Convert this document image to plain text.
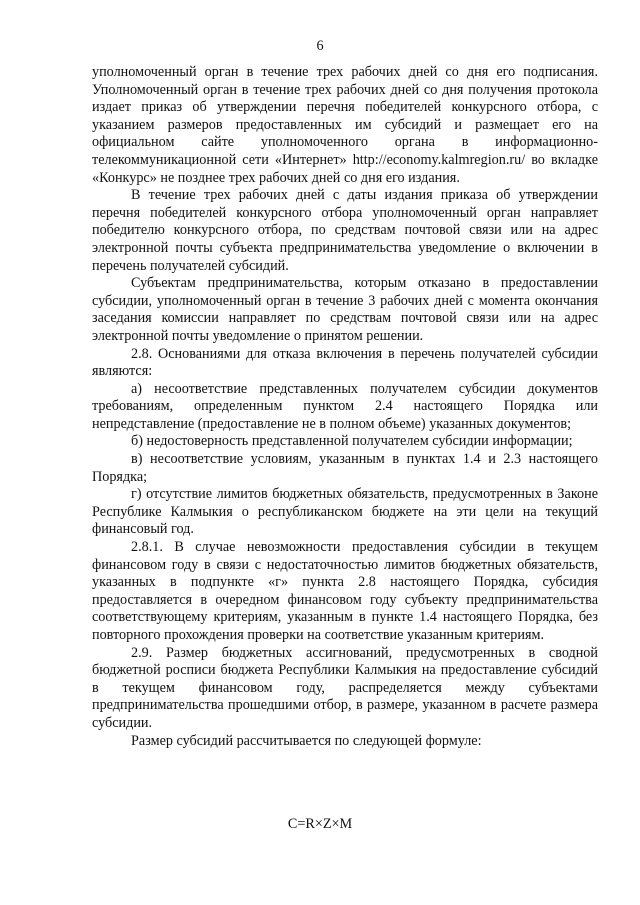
6

уполномоченный орган в течение трех рабочих дней со дня его подписания. Уполномоченный орган в течение трех рабочих дней со дня получения протокола издает приказ об утверждении перечня победителей конкурсного отбора, с указанием размеров предоставленных им субсидий и размещает его на официальном сайте уполномоченного органа в информационно-телекоммуникационной сети «Интернет» http://economy.kalmregion.ru/ во вкладке «Конкурс» не позднее трех рабочих дней со дня его издания.

В течение трех рабочих дней с даты издания приказа об утверждении перечня победителей конкурсного отбора уполномоченный орган направляет победителю конкурсного отбора, по средствам почтовой связи или на адрес электронной почты субъекта предпринимательства уведомление о включении в перечень получателей субсидий.

Субъектам предпринимательства, которым отказано в предоставлении субсидии, уполномоченный орган в течение 3 рабочих дней с момента окончания заседания комиссии направляет по средствам почтовой связи или на адрес электронной почты уведомление о принятом решении.

2.8. Основаниями для отказа включения в перечень получателей субсидии являются:

а) несоответствие представленных получателем субсидии документов требованиям, определенным пунктом 2.4 настоящего Порядка или непредставление (предоставление не в полном объеме) указанных документов;

б) недостоверность представленной получателем субсидии информации;

в) несоответствие условиям, указанным в пунктах 1.4 и 2.3 настоящего Порядка;

г) отсутствие лимитов бюджетных обязательств, предусмотренных в Законе Республике Калмыкия о республиканском бюджете на эти цели на текущий финансовый год.

2.8.1. В случае невозможности предоставления субсидии в текущем финансовом году в связи с недостаточностью лимитов бюджетных обязательств, указанных в подпункте «г» пункта 2.8 настоящего Порядка, субсидия предоставляется в очередном финансовом году субъекту предпринимательства соответствующему критериям, указанным в пункте 1.4 настоящего Порядка, без повторного прохождения проверки на соответствие указанным критериям.

2.9. Размер бюджетных ассигнований, предусмотренных в сводной бюджетной росписи бюджета Республики Калмыкия на предоставление субсидий в текущем финансовом году, распределяется между субъектами предпринимательства прошедшими отбор, в размере, указанном в расчете размера субсидии.

Размер субсидий рассчитывается по следующей формуле:

C=R×Z×M
